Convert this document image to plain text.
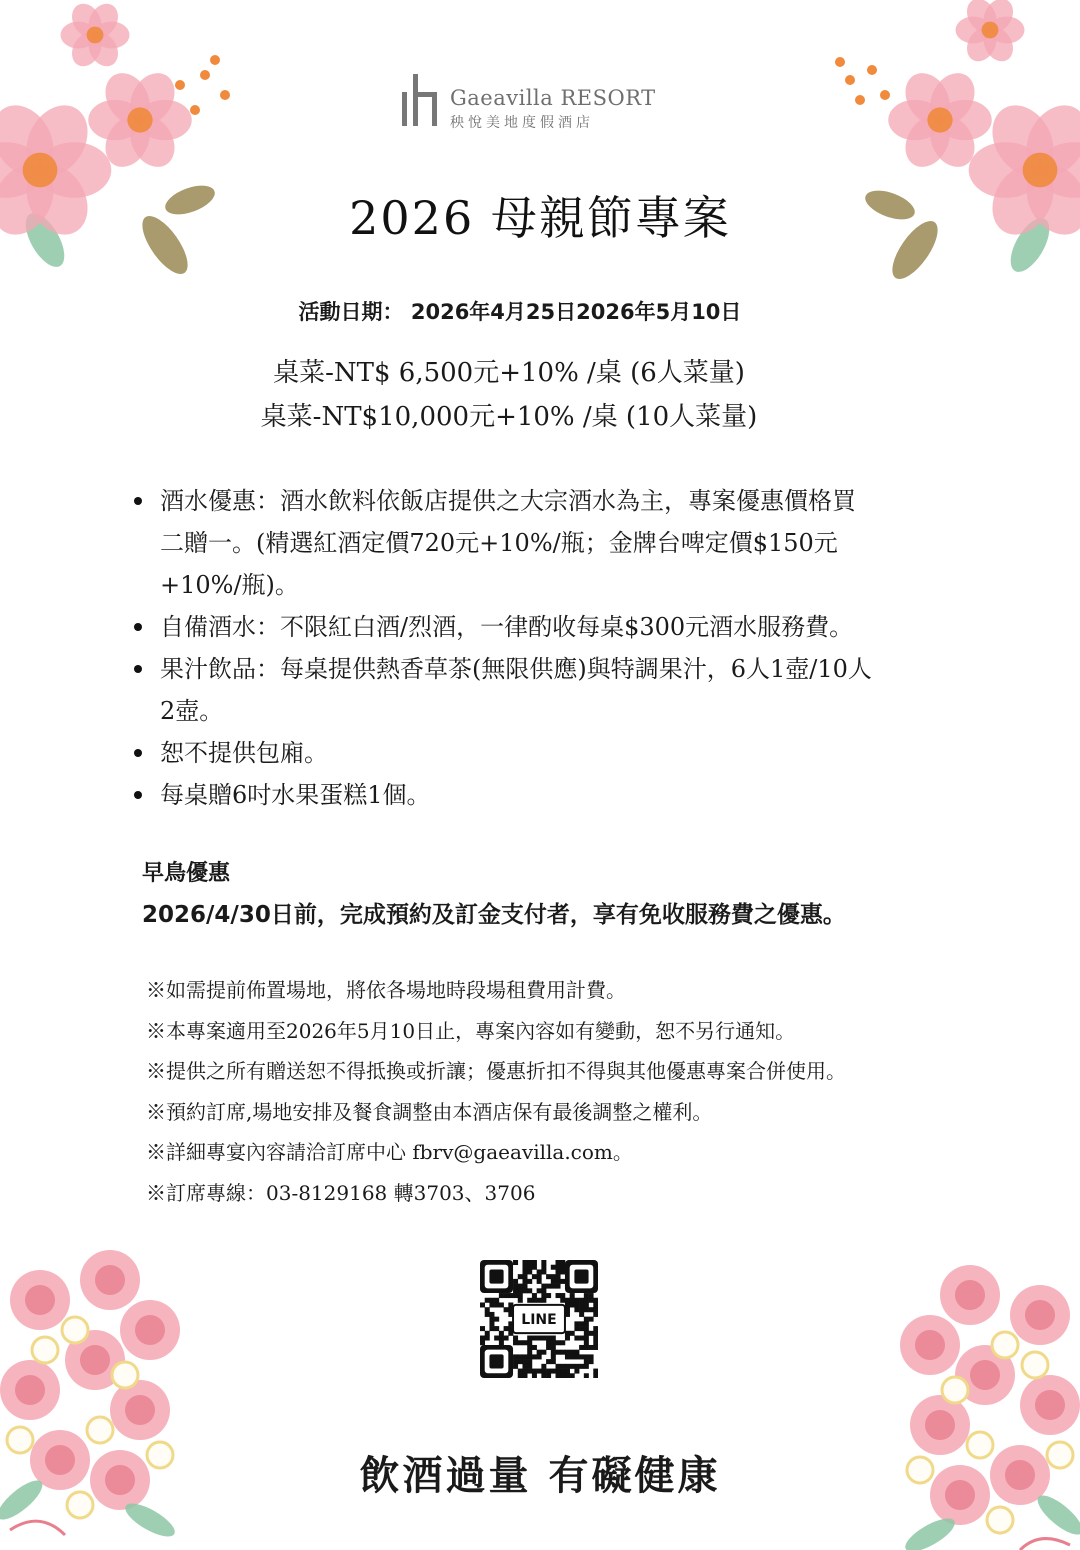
Gaeavilla RESORT
秧悅美地度假酒店
2026 母親節專案
活動日期： 2026年4月25日2026年5月10日
桌菜-NT$ 6,500元+10% /桌 (6人菜量)
桌菜-NT$10,000元+10% /桌 (10人菜量)
酒水優惠：酒水飲料依飯店提供之大宗酒水為主，專案優惠價格買
二贈一。(精選紅酒定價720元+10%/瓶；金牌台啤定價$150元
+10%/瓶)。
自備酒水：不限紅白酒/烈酒，一律酌收每桌$300元酒水服務費。
果汁飲品：每桌提供熱香草茶(無限供應)與特調果汁，6人1壺/10人
2壺。
恕不提供包廂。
每桌贈6吋水果蛋糕1個。
早鳥優惠
2026/4/30日前，完成預約及訂金支付者，享有免收服務費之優惠。
※如需提前佈置場地，將依各場地時段場租費用計費。
※本專案適用至2026年5月10日止，專案內容如有變動，恕不另行通知。
※提供之所有贈送恕不得抵換或折讓；優惠折扣不得與其他優惠專案合併使用。
※預約訂席,場地安排及餐食調整由本酒店保有最後調整之權利。
※詳細專宴內容請洽訂席中心 fbrv@gaeavilla.com。
※訂席專線：03-8129168 轉3703、3706
LINE
飲酒過量 有礙健康
